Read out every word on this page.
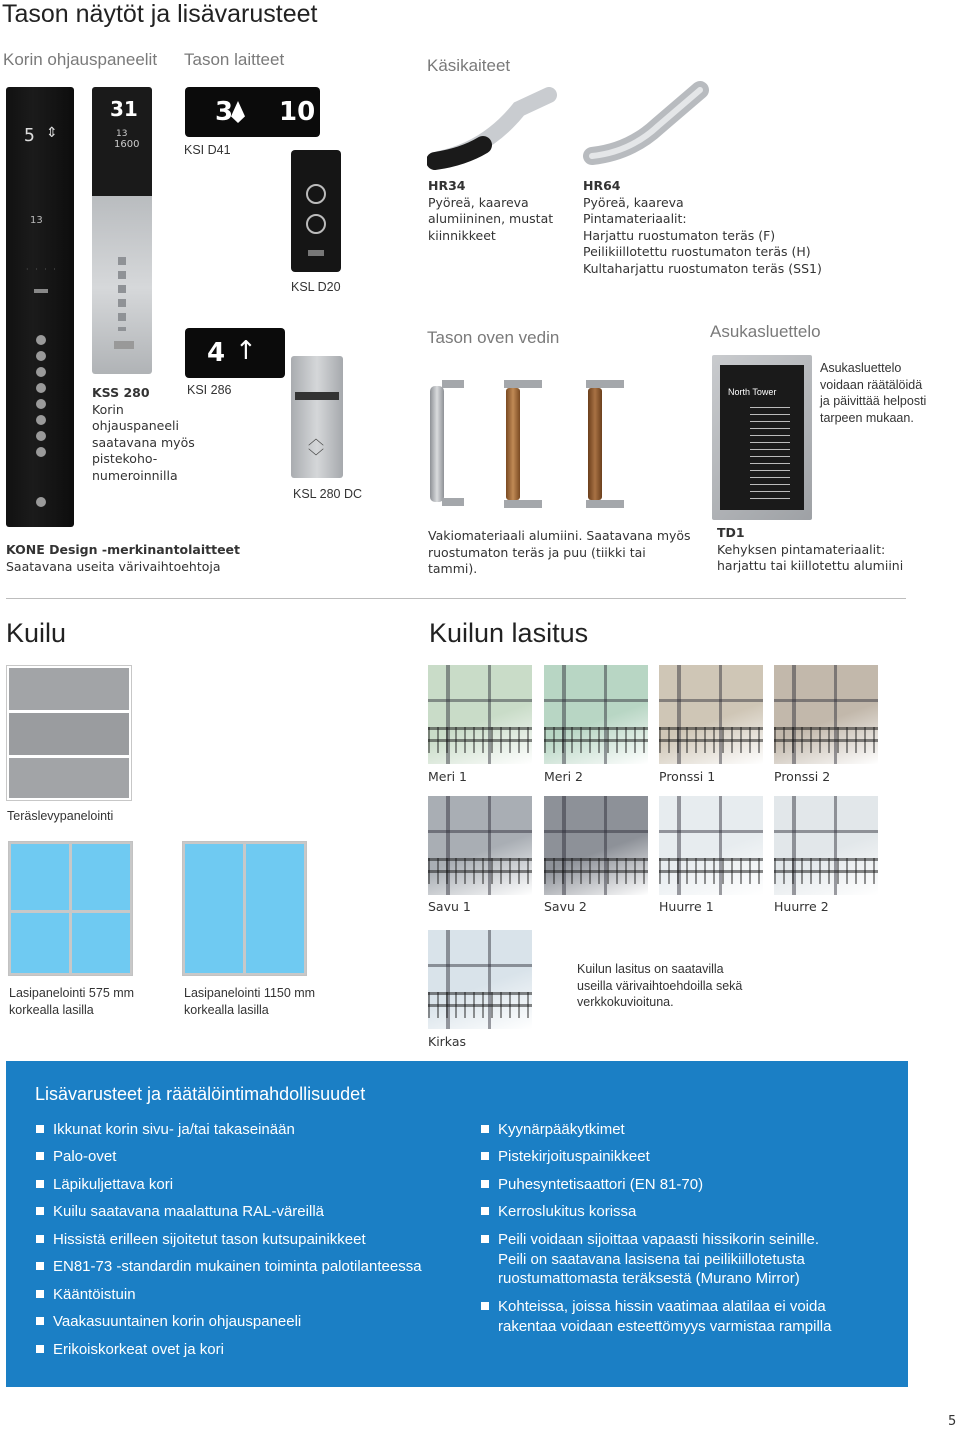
Tason näytöt ja lisävarusteet
Korin ohjauspaneelit Tason laitteet	Käsikaiteet
5 ⇕
13
· · · ·
31
13
1600
KSS 280
Korin
ohjauspaneeli
saatavana myös
pistekoho-
numeroinnilla
3 10
KSI D41
KSL D20
4 ↑
KSI 286
︿
﹀
KSL 280 DC
KONE Design -merkinantolaitteet
Saatavana useita värivaihtoehtoja
HR34
Pyöreä, kaareva
alumiininen, mustat
kiinnikkeet
HR64
Pyöreä, kaareva
Pintamateriaalit:
Harjattu ruostumaton teräs (F)
Peilikiillotettu ruostumaton teräs (H)
Kultaharjattu ruostumaton teräs (SS1)
Tason oven vedin
Vakiomateriaali alumiini. Saatavana myös
ruostumaton teräs ja puu (tiikki tai
tammi).
Asukasluettelo
North Tower
Asukasluettelo
voidaan räätälöidä
ja päivittää helposti
tarpeen mukaan.
TD1
Kehyksen pintamateriaalit:
harjattu tai kiillotettu alumiini
Kuilu
Teräslevypanelointi
Lasipanelointi 575 mm
korkealla lasilla
Lasipanelointi 1150 mm
korkealla lasilla
Kuilun lasitus
Meri 1	Meri 2	Pronssi 1	Pronssi 2
Savu 1	Savu 2	Huurre 1	Huurre 2
Kirkas
Kuilun lasitus on saatavilla
useilla värivaihtoehdoilla sekä
verkkokuvioituna.
Lisävarusteet ja räätälöintimahdollisuudet
Ikkunat korin sivu- ja/tai takaseinään
Palo-ovet
Läpikuljettava kori
Kuilu saatavana maalattuna RAL-väreillä
Hissistä erilleen sijoitetut tason kutsupainikkeet
EN81-73 -standardin mukainen toiminta palotilanteessa
Kääntöistuin
Vaakasuuntainen korin ohjauspaneeli
Erikoiskorkeat ovet ja kori
Kyynärpääkytkimet
Pistekirjoituspainikkeet
Puhesyntetisaattori (EN 81-70)
Kerroslukitus korissa
Peili voidaan sijoittaa vapaasti hissikorin seinille.
Peili on saatavana lasisena tai peilikiillotetusta
ruostumattomasta teräksestä (Murano Mirror)
Kohteissa, joissa hissin vaatimaa alatilaa ei voida
rakentaa voidaan esteettömyys varmistaa rampilla
5
